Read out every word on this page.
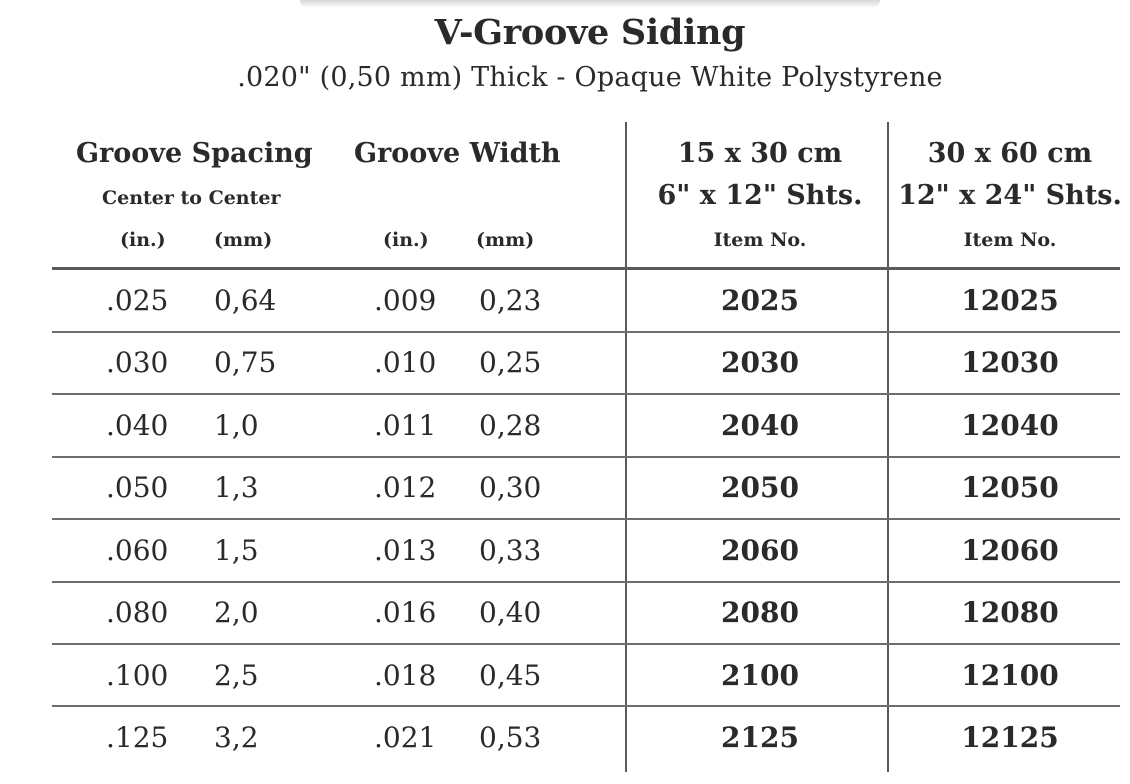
V-Groove Siding
.020" (0,50 mm) Thick - Opaque White Polystyrene
Groove Spacing
Center to Center
(in.)	(mm)
Groove Width
(in.) (mm)
15 x 30 cm
6" x 12" Shts.
Item No.
30 x 60 cm
12" x 24" Shts.
Item No.
.025 0,64	.009 0,23	2025	12025
.030 0,75	.010 0,25	2030	12030
.040 1,0	.011 0,28	2040	12040
.050 1,3	.012 0,30	2050	12050
.060 1,5	.013 0,33	2060	12060
.080 2,0	.016 0,40	2080	12080
.100 2,5	.018 0,45	2100	12100
.125 3,2	.021 0,53	2125	12125
